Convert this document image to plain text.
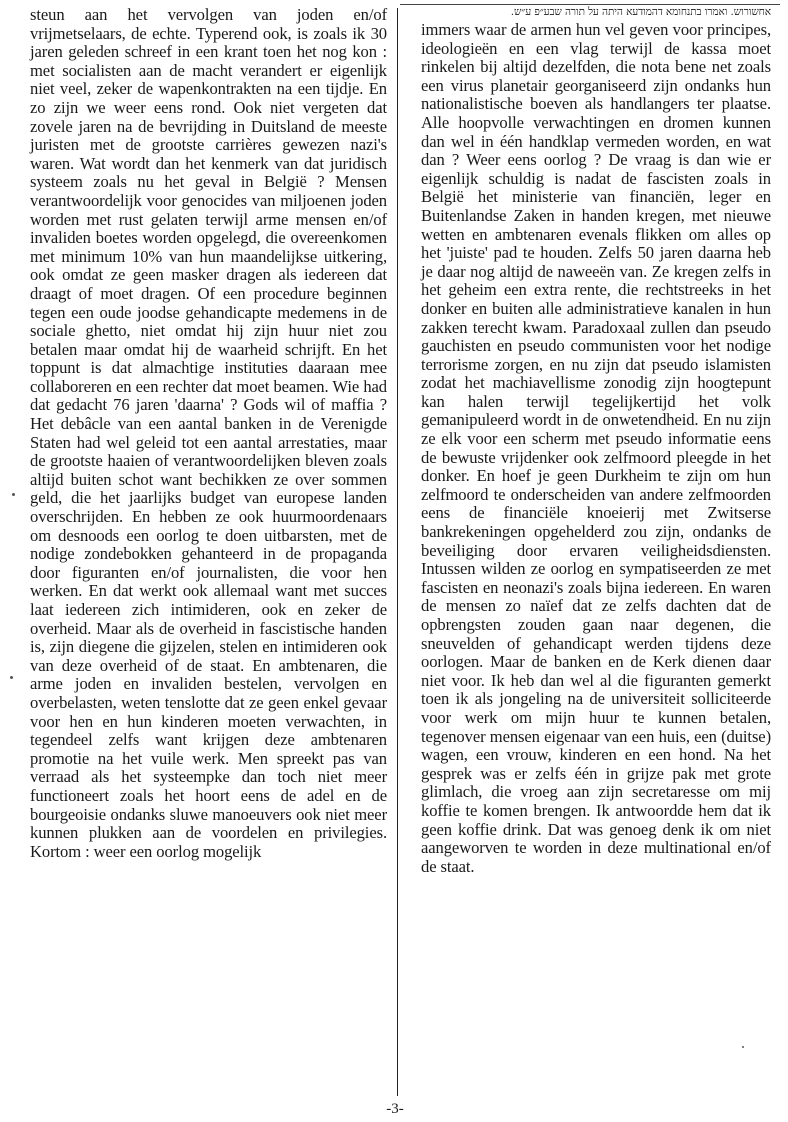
steun aan het vervolgen van joden en/of vrijmetselaars, de echte. Typerend ook, is zoals ik 30 jaren geleden schreef in een krant toen het nog kon : met socialisten aan de macht verandert er eigenlijk niet veel, zeker de wapenkontrakten na een tijdje. En zo zijn we weer eens rond. Ook niet vergeten dat zovele jaren na de bevrijding in Duitsland de meeste juristen met de grootste carrières gewezen nazi's waren. Wat wordt dan het kenmerk van dat juridisch systeem zoals nu het geval in België ? Mensen verantwoordelijk voor genocides van miljoenen joden worden met rust gelaten terwijl arme mensen en/of invaliden boetes worden opgelegd, die overeenkomen met minimum 10% van hun maandelijkse uitkering, ook omdat ze geen masker dragen als iedereen dat draagt of moet dragen. Of een procedure beginnen tegen een oude joodse gehandicapte medemens in de sociale ghetto, niet omdat hij zijn huur niet zou betalen maar omdat hij de waarheid schrijft. En het toppunt is dat almachtige instituties daaraan mee collaboreren en een rechter dat moet beamen. Wie had dat gedacht 76 jaren 'daarna' ? Gods wil of maffia ? Het debâcle van een aantal banken in de Verenigde Staten had wel geleid tot een aantal arrestaties, maar de grootste haaien of verantwoordelijken bleven zoals altijd buiten schot want bechikken ze over sommen geld, die het jaarlijks budget van europese landen overschrijden. En hebben ze ook huurmoordenaars om desnoods een oorlog te doen uitbarsten, met de nodige zondebokken gehanteerd in de propaganda door figuranten en/of journalisten, die voor hen werken. En dat werkt ook allemaal want met succes laat iedereen zich intimideren, ook en zeker de overheid. Maar als de overheid in fascistische handen is, zijn diegene die gijzelen, stelen en intimideren ook van deze overheid of de staat. En ambtenaren, die arme joden en invaliden bestelen, vervolgen en overbelasten, weten tenslotte dat ze geen enkel gevaar voor hen en hun kinderen moeten verwachten, in tegendeel zelfs want krijgen deze ambtenaren promotie na het vuile werk. Men spreekt pas van verraad als het systeempke dan toch niet meer functioneert zoals het hoort eens de adel en de bourgeoisie ondanks sluwe manoeuvers ook niet meer kunnen plukken aan de voordelen en privilegies. Kortom : weer een oorlog mogelijk

אחשורוש. ואמרו בתנחומא דהמודעא היתה על תורה שבע״פ ע״ש.

immers waar de armen hun vel geven voor principes, ideologieën en een vlag terwijl de kassa moet rinkelen bij altijd dezelfden, die nota bene net zoals een virus planetair georganiseerd zijn ondanks hun nationalistische boeven als handlangers ter plaatse. Alle hoopvolle verwachtingen en dromen kunnen dan wel in één handklap vermeden worden, en wat dan ? Weer eens oorlog ? De vraag is dan wie er eigenlijk schuldig is nadat de fascisten zoals in België het ministerie van financiën, leger en Buitenlandse Zaken in handen kregen, met nieuwe wetten en ambtenaren evenals flikken om alles op het 'juiste' pad te houden. Zelfs 50 jaren daarna heb je daar nog altijd de naweeën van. Ze kregen zelfs in het geheim een extra rente, die rechtstreeks in het donker en buiten alle administratieve kanalen in hun zakken terecht kwam. Paradoxaal zullen dan pseudo gauchisten en pseudo communisten voor het nodige terrorisme zorgen, en nu zijn dat pseudo islamisten zodat het machiavellisme zonodig zijn hoogtepunt kan halen terwijl tegelijkertijd het volk gemanipuleerd wordt in de onwetendheid. En nu zijn ze elk voor een scherm met pseudo informatie eens de bewuste vrijdenker ook zelfmoord pleegde in het donker. En hoef je geen Durkheim te zijn om hun zelfmoord te onderscheiden van andere zelfmoorden eens de financiële knoeierij met Zwitserse bankrekeningen opgehelderd zou zijn, ondanks de beveiliging door ervaren veiligheidsdiensten. Intussen wilden ze oorlog en sympatiseerden ze met fascisten en neonazi's zoals bijna iedereen. En waren de mensen zo naïef dat ze zelfs dachten dat de opbrengsten zouden gaan naar degenen, die sneuvelden of gehandicapt werden tijdens deze oorlogen. Maar de banken en de Kerk dienen daar niet voor. Ik heb dan wel al die figuranten gemerkt toen ik als jongeling na de universiteit solliciteerde voor werk om mijn huur te kunnen betalen, tegenover mensen eigenaar van een huis, een (duitse) wagen, een vrouw, kinderen en een hond. Na het gesprek was er zelfs één in grijze pak met grote glimlach, die vroeg aan zijn secretaresse om mij koffie te komen brengen. Ik antwoordde hem dat ik geen koffie drink. Dat was genoeg denk ik om niet aangeworven te worden in deze multinational en/of de staat.

-3-
